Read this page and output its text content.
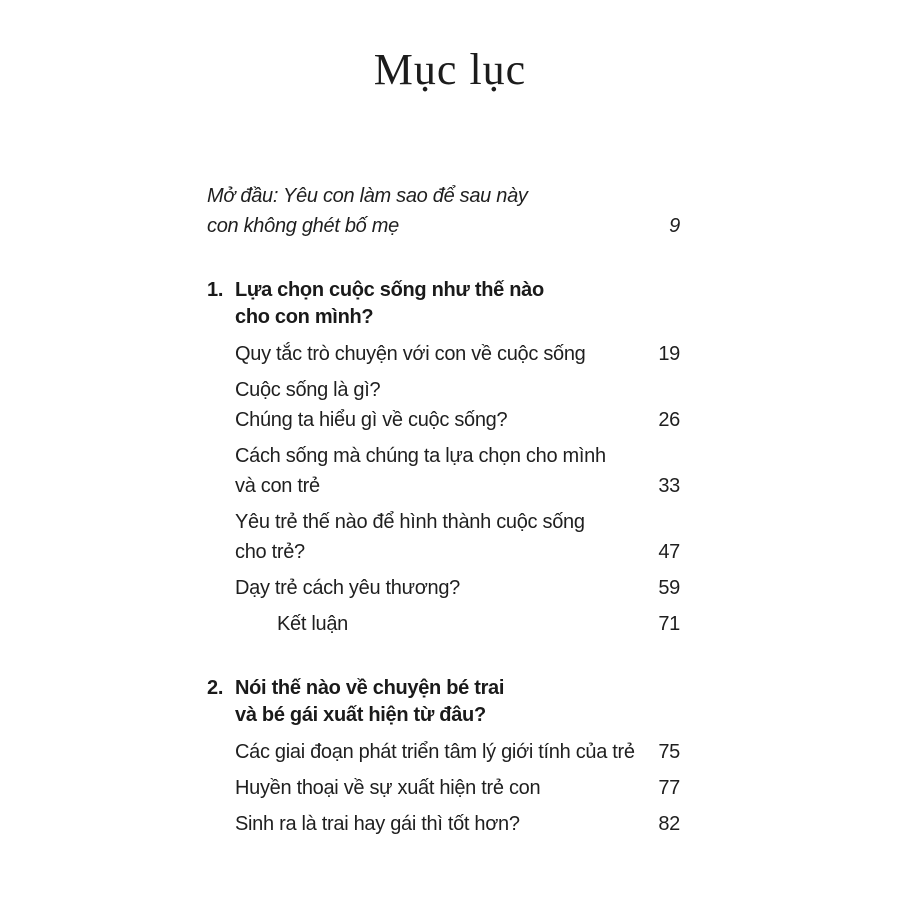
Mục lục
Mở đầu: Yêu con làm sao để sau này
con không ghét bố mẹ	9
1. Lựa chọn cuộc sống như thế nào
cho con mình?
Quy tắc trò chuyện với con về cuộc sống	19
Cuộc sống là gì?
Chúng ta hiểu gì về cuộc sống?	26
Cách sống mà chúng ta lựa chọn cho mình
và con trẻ	33
Yêu trẻ thế nào để hình thành cuộc sống
cho trẻ?	47
Dạy trẻ cách yêu thương?	59
Kết luận	71
2. Nói thế nào về chuyện bé trai
và bé gái xuất hiện từ đâu?
Các giai đoạn phát triển tâm lý giới tính của trẻ	75
Huyền thoại về sự xuất hiện trẻ con	77
Sinh ra là trai hay gái thì tốt hơn?	82
